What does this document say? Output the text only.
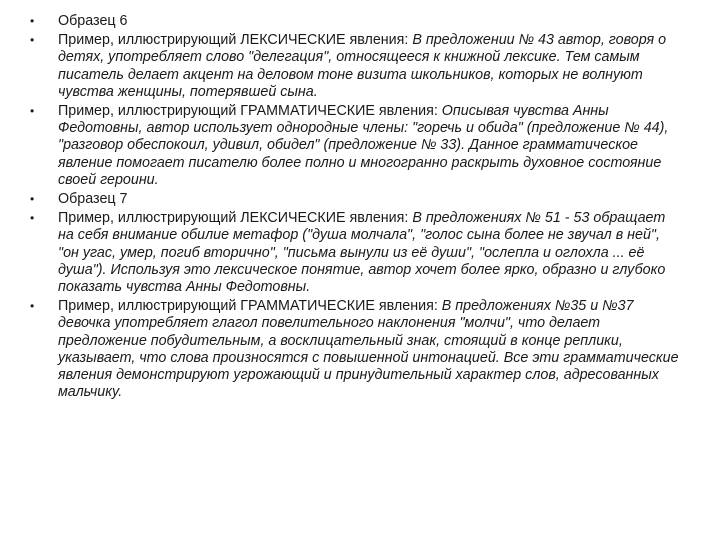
•	Образец 6
•	Пример, иллюстрирующий ЛЕКСИЧЕСКИЕ явления: В предложении № 43 автор, говоря о детях, употребляет слово "делегация", относящееся к книжной лексике. Тем самым писатель делает акцент на деловом тоне визита школьников, которых не волнуют чувства женщины, потерявшей сына.
•	Пример, иллюстрирующий ГРАММАТИЧЕСКИЕ явления: Описывая чувства Анны Федотовны, автор использует однородные члены: "горечь и обида" (предложение № 44), "разговор обеспокоил, удивил, обидел" (предложение № 33). Данное грамматическое явление помогает писателю более полно и многогранно раскрыть духовное состояние своей героини.
•	Образец 7
•	Пример, иллюстрирующий ЛЕКСИЧЕСКИЕ явления: В предложениях № 51 - 53 обращает на себя внимание обилие метафор ("душа молчала", "голос сына более не звучал в ней", "он угас, умер, погиб вторично", "письма вынули из её души", "ослепла и оглохла ... её душа"). Используя это лексическое понятие, автор хочет более ярко, образно и глубоко показать чувства Анны Федотовны.
•	Пример, иллюстрирующий ГРАММАТИЧЕСКИЕ явления: В предложениях №35 и №37 девочка употребляет глагол повелительного наклонения "молчи", что делает предложение побудительным, а восклицательный знак, стоящий в конце реплики, указывает, что слова произносятся с повышенной интонацией. Все эти грамматические явления демонстрируют угрожающий и принудительный характер слов, адресованных мальчику.
